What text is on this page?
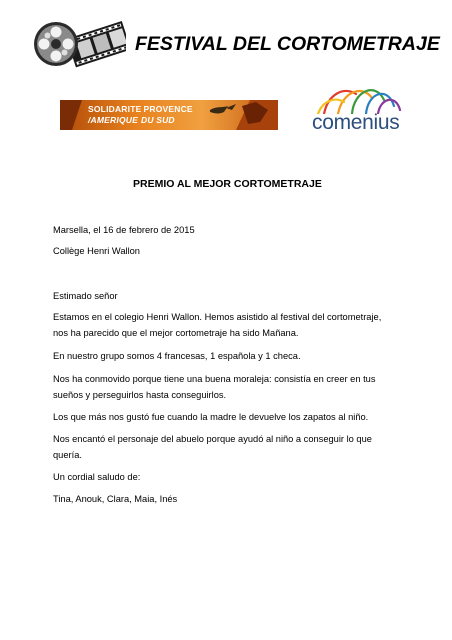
FESTIVAL DEL CORTOMETRAJE
SOLIDARITE PROVENCE
/AMERIQUE DU SUD	comenius
PREMIO AL MEJOR CORTOMETRAJE
Marsella, el 16 de febrero de 2015
Collège Henri Wallon
Estimado señor
Estamos en el colegio Henri Wallon. Hemos asistido al festival del cortometraje,
nos ha parecido que el mejor cortometraje ha sido Mañana.
En nuestro grupo somos 4 francesas, 1 española y 1 checa.
Nos ha conmovido porque tiene una buena moraleja: consistía en creer en tus
sueños y perseguirlos hasta conseguirlos.
Los que más nos gustó fue cuando la madre le devuelve los zapatos al niño.
Nos encantó el personaje del abuelo porque ayudó al niño a conseguir lo que
quería.
Un cordial saludo de:
Tina, Anouk, Clara, Maia, Inés
